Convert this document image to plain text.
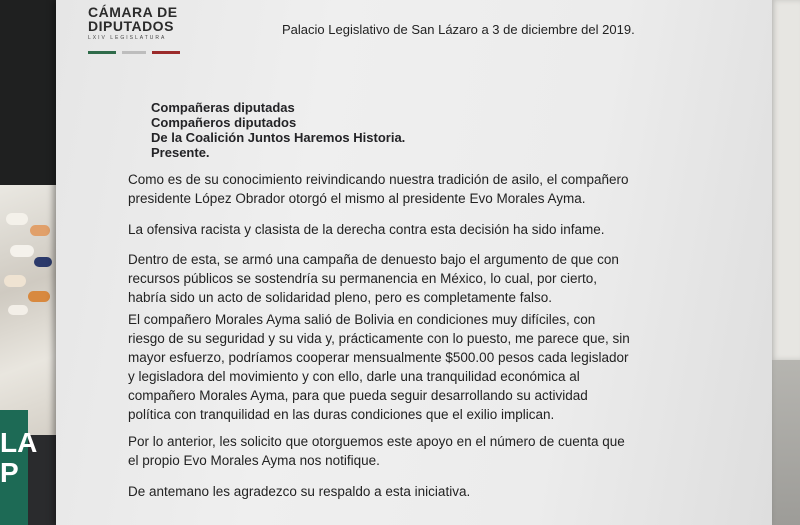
LA
P
CÁMARA DE
DIPUTADOS
LXIV LEGISLATURA
Palacio Legislativo de San Lázaro a 3 de diciembre del 2019.
Compañeras diputadas
Compañeros diputados
De la Coalición Juntos Haremos Historia.
Presente.
Como es de su conocimiento reivindicando nuestra tradición de asilo, el compañero
presidente López Obrador otorgó el mismo al presidente Evo Morales Ayma.
La ofensiva racista y clasista de la derecha contra esta decisión ha sido infame.
Dentro de esta, se armó una campaña de denuesto bajo el argumento de que con
recursos públicos se sostendría su permanencia en México, lo cual, por cierto,
habría sido un acto de solidaridad pleno, pero es completamente falso.
El compañero Morales Ayma salió de Bolivia en condiciones muy difíciles, con
riesgo de su seguridad y su vida y, prácticamente con lo puesto, me parece que, sin
mayor esfuerzo, podríamos cooperar mensualmente $500.00 pesos cada legislador
y legisladora del movimiento y con ello, darle una tranquilidad económica al
compañero Morales Ayma, para que pueda seguir desarrollando su actividad
política con tranquilidad en las duras condiciones que el exilio implican.
Por lo anterior, les solicito que otorguemos este apoyo en el número de cuenta que
el propio Evo Morales Ayma nos notifique.
De antemano les agradezco su respaldo a esta iniciativa.
